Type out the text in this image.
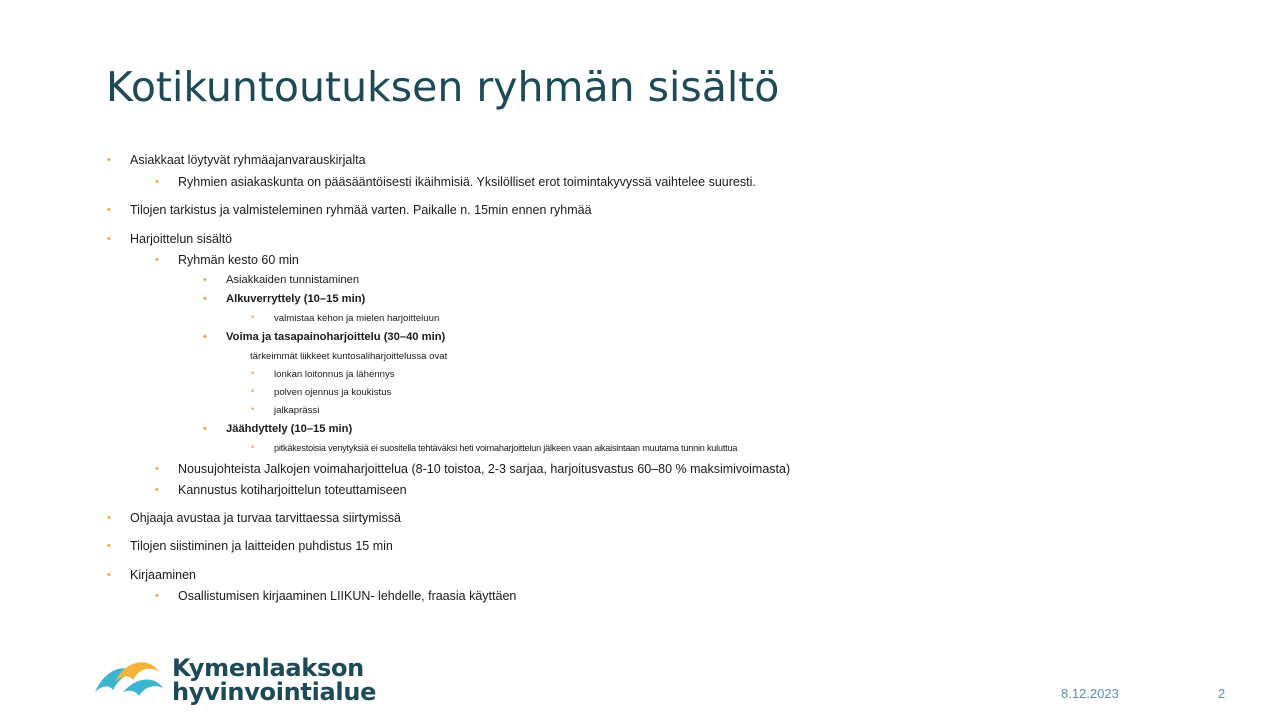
Kotikuntoutuksen ryhmän sisältö
• Asiakkaat löytyvät ryhmäajanvarauskirjalta
• Ryhmien asiakaskunta on pääsääntöisesti ikäihmisiä. Yksilölliset erot toimintakyvyssä vaihtelee suuresti.
• Tilojen tarkistus ja valmisteleminen ryhmää varten. Paikalle n. 15min ennen ryhmää
• Harjoittelun sisältö
• Ryhmän kesto 60 min
• Asiakkaiden tunnistaminen
• Alkuverryttely (10–15 min)
• valmistaa kehon ja mielen harjoitteluun
• Voima ja tasapainoharjoittelu (30–40 min)
tärkeimmät liikkeet kuntosaliharjoittelussa ovat
• lonkan loitonnus ja lähennys
• polven ojennus ja koukistus
• jalkaprässi
• Jäähdyttely (10–15 min)
• pitkäkestoisia venytyksiä ei suositella tehtäväksi heti voimaharjoittelun jälkeen vaan aikaisintaan muutama tunnin kuluttua
• Nousujohteista Jalkojen voimaharjoittelua (8-10 toistoa, 2-3 sarjaa, harjoitusvastus 60–80 % maksimivoimasta)
• Kannustus kotiharjoittelun toteuttamiseen
• Ohjaaja avustaa ja turvaa tarvittaessa siirtymissä
• Tilojen siistiminen ja laitteiden puhdistus 15 min
• Kirjaaminen
• Osallistumisen kirjaaminen LIIKUN- lehdelle, fraasia käyttäen
Kymenlaakson
hyvinvointialue	8.12.2023	2
